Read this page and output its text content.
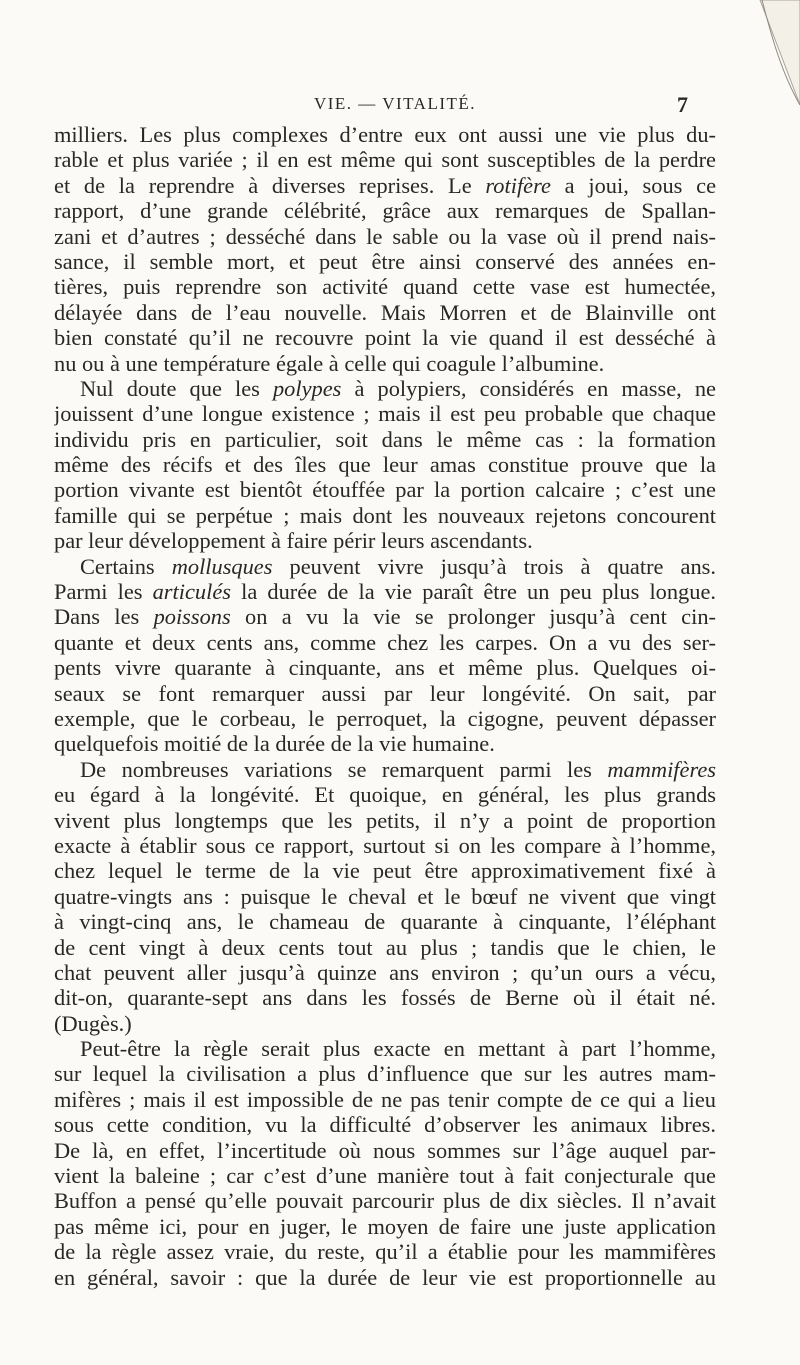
VIE. — VITALITÉ.	7
milliers. Les plus complexes d’entre eux ont aussi une vie plus du-
rable et plus variée ; il en est même qui sont susceptibles de la perdre
et de la reprendre à diverses reprises. Le rotifère a joui, sous ce
rapport, d’une grande célébrité, grâce aux remarques de Spallan-
zani et d’autres ; desséché dans le sable ou la vase où il prend nais-
sance, il semble mort, et peut être ainsi conservé des années en-
tières, puis reprendre son activité quand cette vase est humectée,
délayée dans de l’eau nouvelle. Mais Morren et de Blainville ont
bien constaté qu’il ne recouvre point la vie quand il est desséché à
nu ou à une température égale à celle qui coagule l’albumine.
Nul doute que les polypes à polypiers, considérés en masse, ne
jouissent d’une longue existence ; mais il est peu probable que chaque
individu pris en particulier, soit dans le même cas : la formation
même des récifs et des îles que leur amas constitue prouve que la
portion vivante est bientôt étouffée par la portion calcaire ; c’est une
famille qui se perpétue ; mais dont les nouveaux rejetons concourent
par leur développement à faire périr leurs ascendants.
Certains mollusques peuvent vivre jusqu’à trois à quatre ans.
Parmi les articulés la durée de la vie paraît être un peu plus longue.
Dans les poissons on a vu la vie se prolonger jusqu’à cent cin-
quante et deux cents ans, comme chez les carpes. On a vu des ser-
pents vivre quarante à cinquante, ans et même plus. Quelques oi-
seaux se font remarquer aussi par leur longévité. On sait, par
exemple, que le corbeau, le perroquet, la cigogne, peuvent dépasser
quelquefois moitié de la durée de la vie humaine.
De nombreuses variations se remarquent parmi les mammifères
eu égard à la longévité. Et quoique, en général, les plus grands
vivent plus longtemps que les petits, il n’y a point de proportion
exacte à établir sous ce rapport, surtout si on les compare à l’homme,
chez lequel le terme de la vie peut être approximativement fixé à
quatre-vingts ans : puisque le cheval et le bœuf ne vivent que vingt
à vingt-cinq ans, le chameau de quarante à cinquante, l’éléphant
de cent vingt à deux cents tout au plus ; tandis que le chien, le
chat peuvent aller jusqu’à quinze ans environ ; qu’un ours a vécu,
dit-on, quarante-sept ans dans les fossés de Berne où il était né.
(Dugès.)
Peut-être la règle serait plus exacte en mettant à part l’homme,
sur lequel la civilisation a plus d’influence que sur les autres mam-
mifères ; mais il est impossible de ne pas tenir compte de ce qui a lieu
sous cette condition, vu la difficulté d’observer les animaux libres.
De là, en effet, l’incertitude où nous sommes sur l’âge auquel par-
vient la baleine ; car c’est d’une manière tout à fait conjecturale que
Buffon a pensé qu’elle pouvait parcourir plus de dix siècles. Il n’avait
pas même ici, pour en juger, le moyen de faire une juste application
de la règle assez vraie, du reste, qu’il a établie pour les mammifères
en général, savoir : que la durée de leur vie est proportionnelle au
